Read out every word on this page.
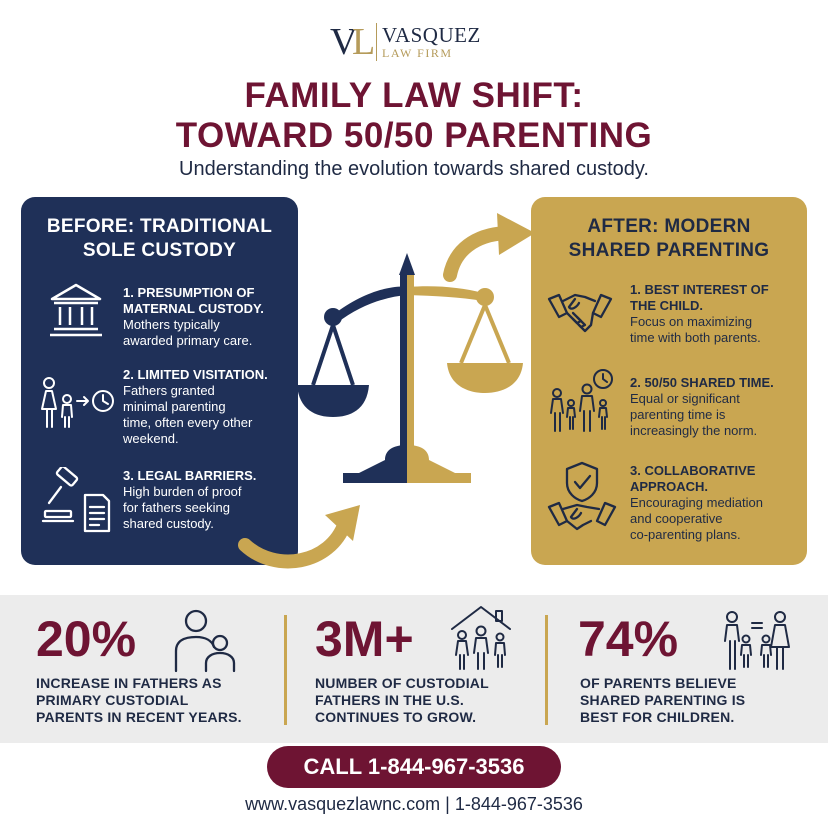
V
L VASQUEZ
LAW FIRM
FAMILY LAW SHIFT:
TOWARD 50/50 PARENTING
Understanding the evolution towards shared custody.
BEFORE: TRADITIONAL
SOLE CUSTODY
1. PRESUMPTION OF
MATERNAL CUSTODY.
Mothers typically
awarded primary care.
2. LIMITED VISITATION.
Fathers granted
minimal parenting
time, often every other
weekend.
3. LEGAL BARRIERS.
High burden of proof
for fathers seeking
shared custody.
AFTER: MODERN
SHARED PARENTING
1. BEST INTEREST OF
THE CHILD.
Focus on maximizing
time with both parents.
2. 50/50 SHARED TIME.
Equal or significant
parenting time is
increasingly the norm.
3. COLLABORATIVE
APPROACH.
Encouraging mediation
and cooperative
co-parenting plans.
20%
INCREASE IN FATHERS AS
PRIMARY CUSTODIAL
PARENTS IN RECENT YEARS.
3M+
NUMBER OF CUSTODIAL
FATHERS IN THE U.S.
CONTINUES TO GROW.
74%
OF PARENTS BELIEVE
SHARED PARENTING IS
BEST FOR CHILDREN.
CALL 1-844-967-3536
www.vasquezlawnc.com | 1-844-967-3536
